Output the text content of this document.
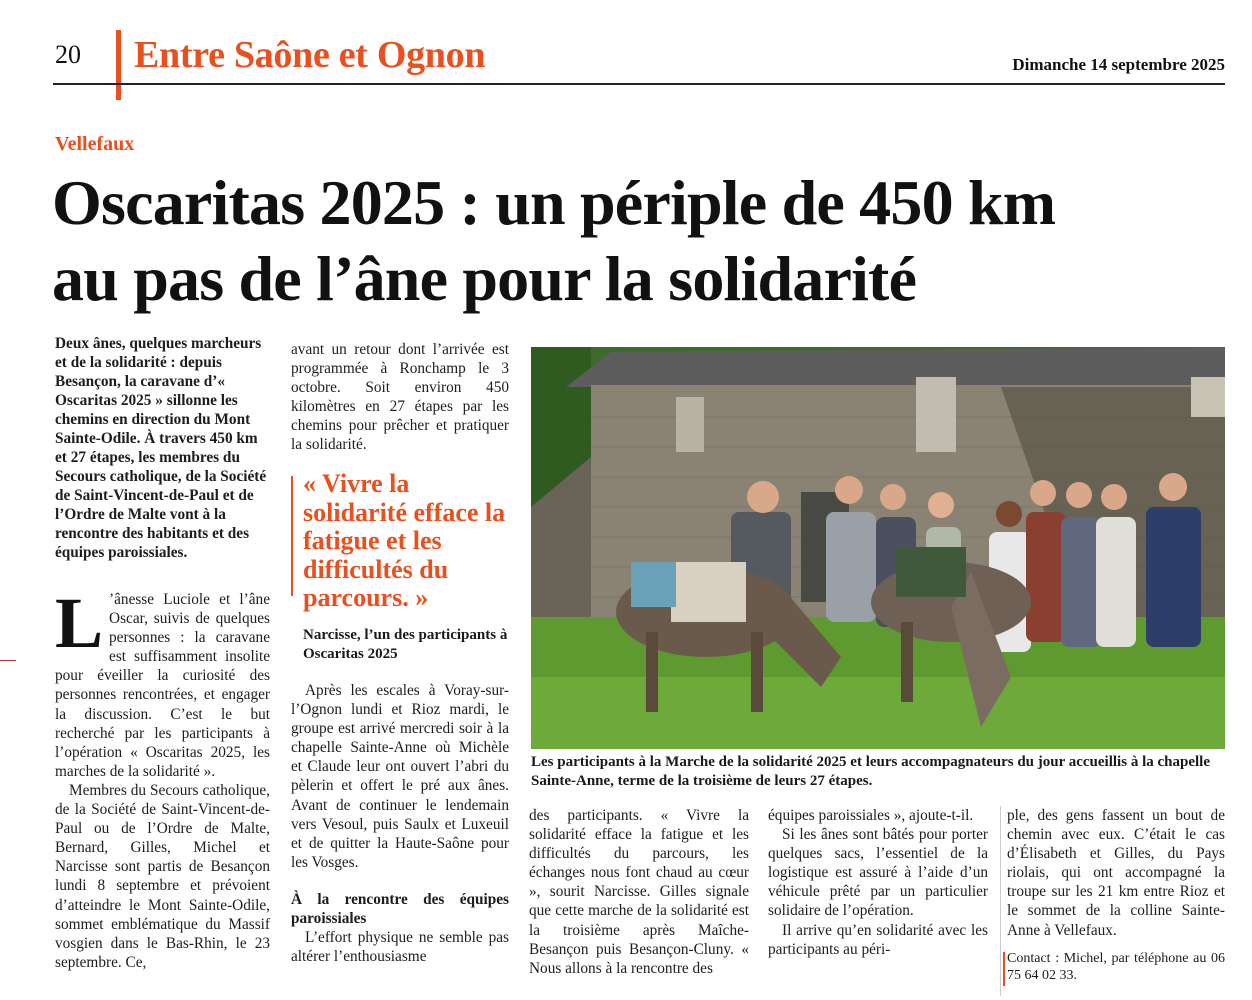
20 Entre Saône et Ognon	Dimanche 14 septembre 2025
Vellefaux
Oscaritas 2025 : un périple de 450 km
au pas de l’âne pour la solidarité
Deux ânes, quelques marcheurs et de la solidarité : depuis Besançon, la caravane d’« Oscaritas 2025 » sillonne les chemins en direction du Mont Sainte-Odile. À travers 450 km et 27 étapes, les membres du Secours catholique, de la Société de Saint-Vincent-de-Paul et de l’Ordre de Malte vont à la rencontre des habitants et des équipes paroissiales.

L ’ânesse Luciole et l’âne Oscar, suivis de quelques personnes : la caravane est suffisamment insolite pour éveiller la curiosité des personnes rencontrées, et engager la discussion. C’est le but recherché par les participants à l’opération « Oscaritas 2025, les marches de la solidarité ».

Membres du Secours catholique, de la Société de Saint-Vincent-de-Paul ou de l’Ordre de Malte, Bernard, Gilles, Michel et Narcisse sont partis de Besançon lundi 8 septembre et prévoient d’atteindre le Mont Sainte-Odile, sommet emblématique du Massif vosgien dans le Bas-Rhin, le 23 septembre. Ce,

avant un retour dont l’arrivée est programmée à Ronchamp le 3 octobre. Soit environ 450 kilomètres en 27 étapes par les chemins pour prêcher et pratiquer la solidarité.

« Vivre la solidarité efface la fatigue et les difficultés du parcours. »
Narcisse, l’un des participants à Oscaritas 2025

Après les escales à Voray-sur-l’Ognon lundi et Rioz mardi, le groupe est arrivé mercredi soir à la chapelle Sainte-Anne où Michèle et Claude leur ont ouvert l’abri du pèlerin et offert le pré aux ânes. Avant de continuer le lendemain vers Vesoul, puis Saulx et Luxeuil et de quitter la Haute-Saône pour les Vosges.

À la rencontre des équipes paroissiales

L’effort physique ne semble pas altérer l’enthousiasme

Les participants à la Marche de la solidarité 2025 et leurs accompagnateurs du jour accueillis à la chapelle Sainte-Anne, terme de la troisième de leurs 27 étapes.

des participants. « Vivre la solidarité efface la fatigue et les difficultés du parcours, les échanges nous font chaud au cœur », sourit Narcisse. Gilles signale que cette marche de la solidarité est la troisième après Maîche-Besançon puis Besançon-Cluny. « Nous allons à la rencontre des

équipes paroissiales », ajoute-t-il.

Si les ânes sont bâtés pour porter quelques sacs, l’essentiel de la logistique est assuré à l’aide d’un véhicule prêté par un particulier solidaire de l’opération.

Il arrive qu’en solidarité avec les participants au péri-

ple, des gens fassent un bout de chemin avec eux. C’était le cas d’Élisabeth et Gilles, du Pays riolais, qui ont accompagné la troupe sur les 21 km entre Rioz et le sommet de la colline Sainte-Anne à Vellefaux.

Contact : Michel, par téléphone au 06 75 64 02 33.
